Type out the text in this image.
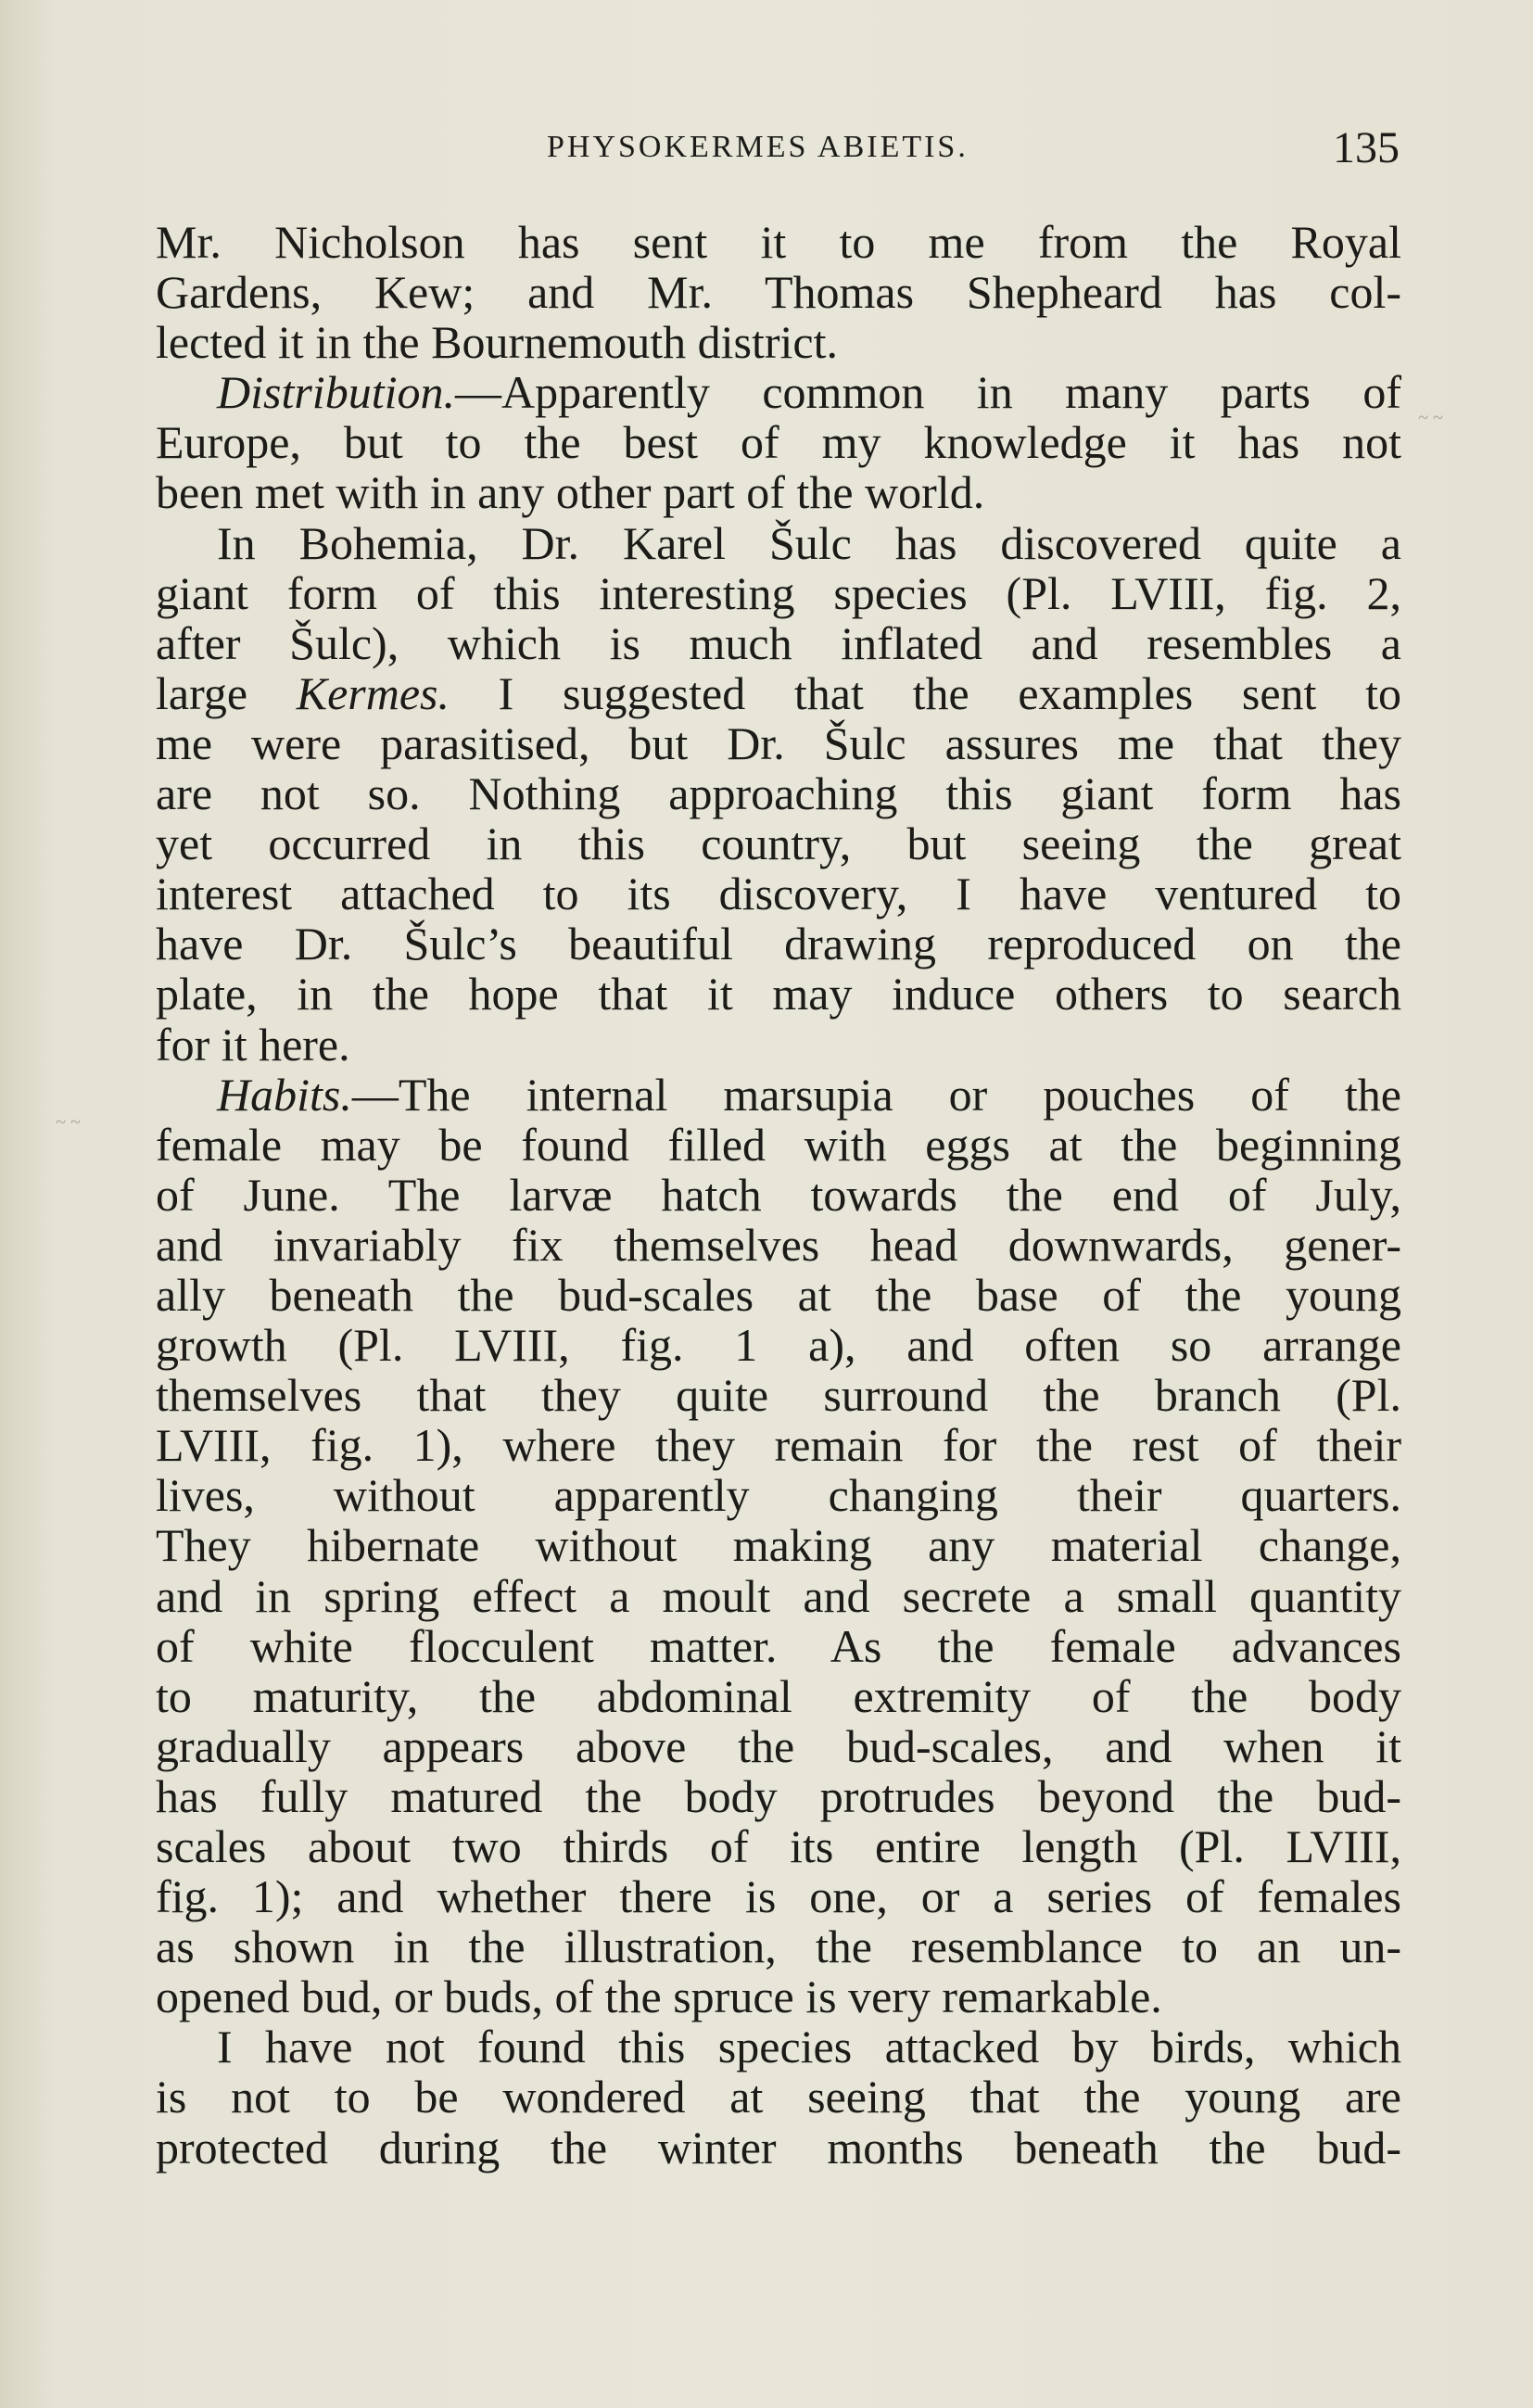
PHYSOKERMES ABIETIS.	135
Mr. Nicholson has sent it to me from the Royal
Gardens, Kew; and Mr. Thomas Shepheard has col-
lected it in the Bournemouth district.
Distribution.—Apparently common in many parts of
Europe, but to the best of my knowledge it has not
been met with in any other part of the world.
In Bohemia, Dr. Karel Šulc has discovered quite a
giant form of this interesting species (Pl. LVIII, fig. 2,
after Šulc), which is much inflated and resembles a
large Kermes. I suggested that the examples sent to
me were parasitised, but Dr. Šulc assures me that they
are not so. Nothing approaching this giant form has
yet occurred in this country, but seeing the great
interest attached to its discovery, I have ventured to
have Dr. Šulc’s beautiful drawing reproduced on the
plate, in the hope that it may induce others to search
for it here.
Habits.—The internal marsupia or pouches of the
female may be found filled with eggs at the beginning
of June. The larvæ hatch towards the end of July,
and invariably fix themselves head downwards, gener-
ally beneath the bud-scales at the base of the young
growth (Pl. LVIII, fig. 1 a), and often so arrange
themselves that they quite surround the branch (Pl.
LVIII, fig. 1), where they remain for the rest of their
lives, without apparently changing their quarters.
They hibernate without making any material change,
and in spring effect a moult and secrete a small quantity
of white flocculent matter. As the female advances
to maturity, the abdominal extremity of the body
gradually appears above the bud-scales, and when it
has fully matured the body protrudes beyond the bud-
scales about two thirds of its entire length (Pl. LVIII,
fig. 1); and whether there is one, or a series of females
as shown in the illustration, the resemblance to an un-
opened bud, or buds, of the spruce is very remarkable.
I have not found this species attacked by birds, which
is not to be wondered at seeing that the young are
protected during the winter months beneath the bud-
~ ~
~ ~
